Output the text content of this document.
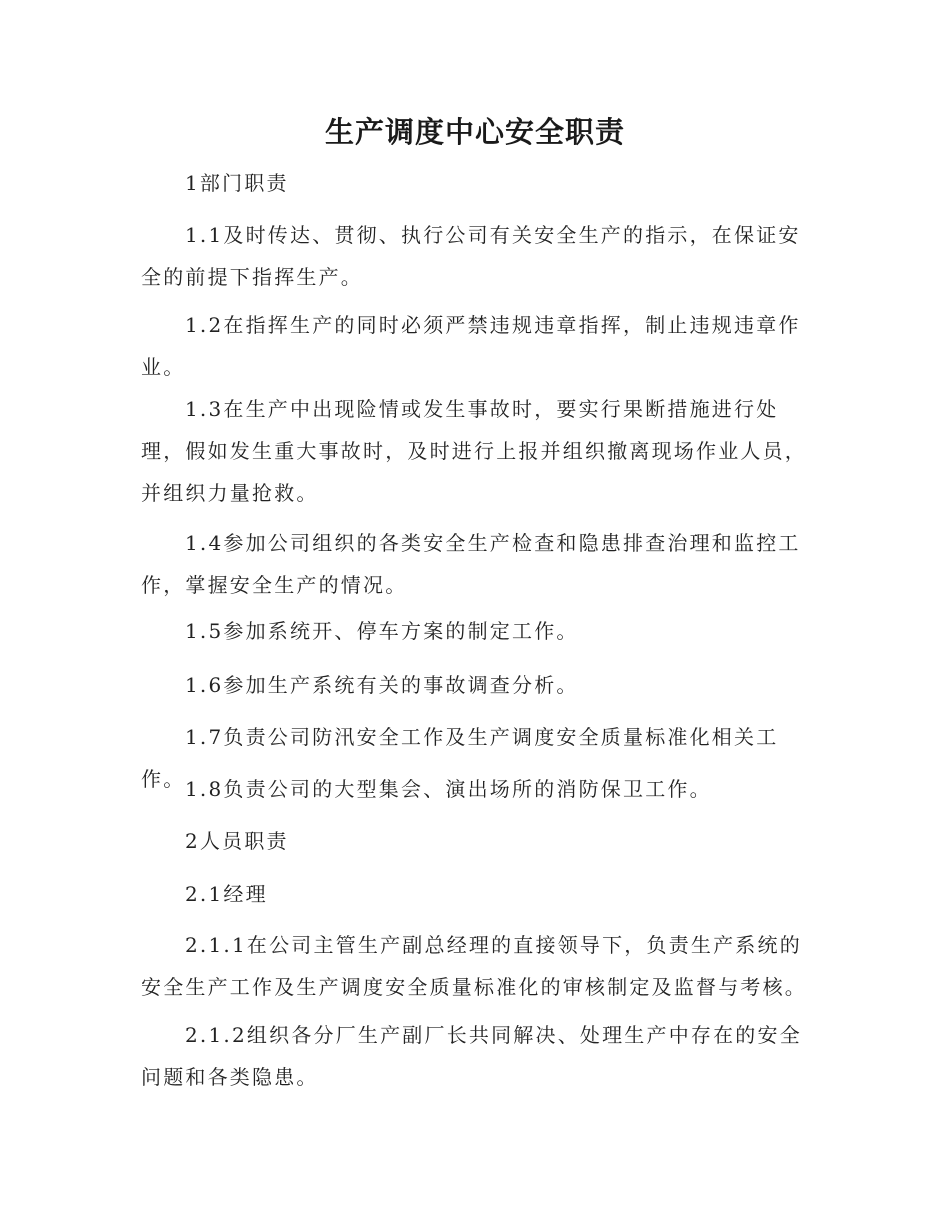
生产调度中心安全职责

1部门职责

1.1及时传达、贯彻、执行公司有关安全生产的指示，在保证安全的前提下指挥生产。

1.2在指挥生产的同时必须严禁违规违章指挥，制止违规违章作业。

1.3在生产中出现险情或发生事故时，要实行果断措施进行处理，假如发生重大事故时，及时进行上报并组织撤离现场作业人员，并组织力量抢救。

1.4参加公司组织的各类安全生产检查和隐患排查治理和监控工作，掌握安全生产的情况。

1.5参加系统开、停车方案的制定工作。

1.6参加生产系统有关的事故调查分析。

1.7负责公司防汛安全工作及生产调度安全质量标准化相关工作。 1.8负责公司的大型集会、演出场所的消防保卫工作。

2人员职责

2.1经理

2.1.1在公司主管生产副总经理的直接领导下，负责生产系统的安全生产工作及生产调度安全质量标准化的审核制定及监督与考核。

2.1.2组织各分厂生产副厂长共同解决、处理生产中存在的安全问题和各类隐患。
